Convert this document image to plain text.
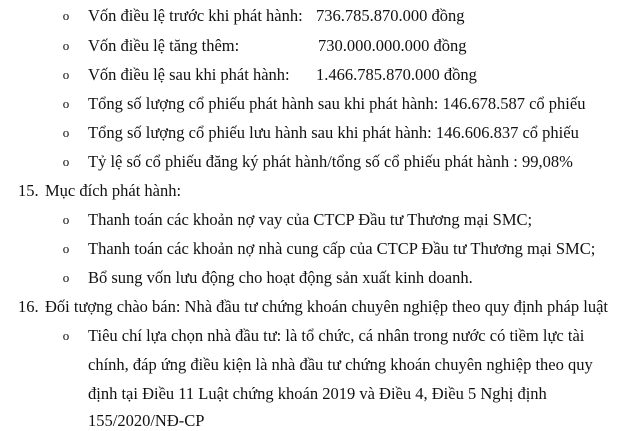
o Vốn điều lệ trước khi phát hành: 736.785.870.000 đồng
o Vốn điều lệ tăng thêm:	730.000.000.000 đồng
o Vốn điều lệ sau khi phát hành: 1.466.785.870.000 đồng
o Tổng số lượng cổ phiếu phát hành sau khi phát hành: 146.678.587 cổ phiếu
o Tổng số lượng cổ phiếu lưu hành sau khi phát hành: 146.606.837 cổ phiếu
o Tỷ lệ số cổ phiếu đăng ký phát hành/tổng số cổ phiếu phát hành : 99,08%
15. Mục đích phát hành:
o Thanh toán các khoản nợ vay của CTCP Đầu tư Thương mại SMC;
o Thanh toán các khoản nợ nhà cung cấp của CTCP Đầu tư Thương mại SMC;
o Bổ sung vốn lưu động cho hoạt động sản xuất kinh doanh.
16. Đối tượng chào bán: Nhà đầu tư chứng khoán chuyên nghiệp theo quy định pháp luật
o Tiêu chí lựa chọn nhà đầu tư: là tổ chức, cá nhân trong nước có tiềm lực tài
chính, đáp ứng điều kiện là nhà đầu tư chứng khoán chuyên nghiệp theo quy
định tại Điều 11 Luật chứng khoán 2019 và Điều 4, Điều 5 Nghị định
155/2020/NĐ-CP
